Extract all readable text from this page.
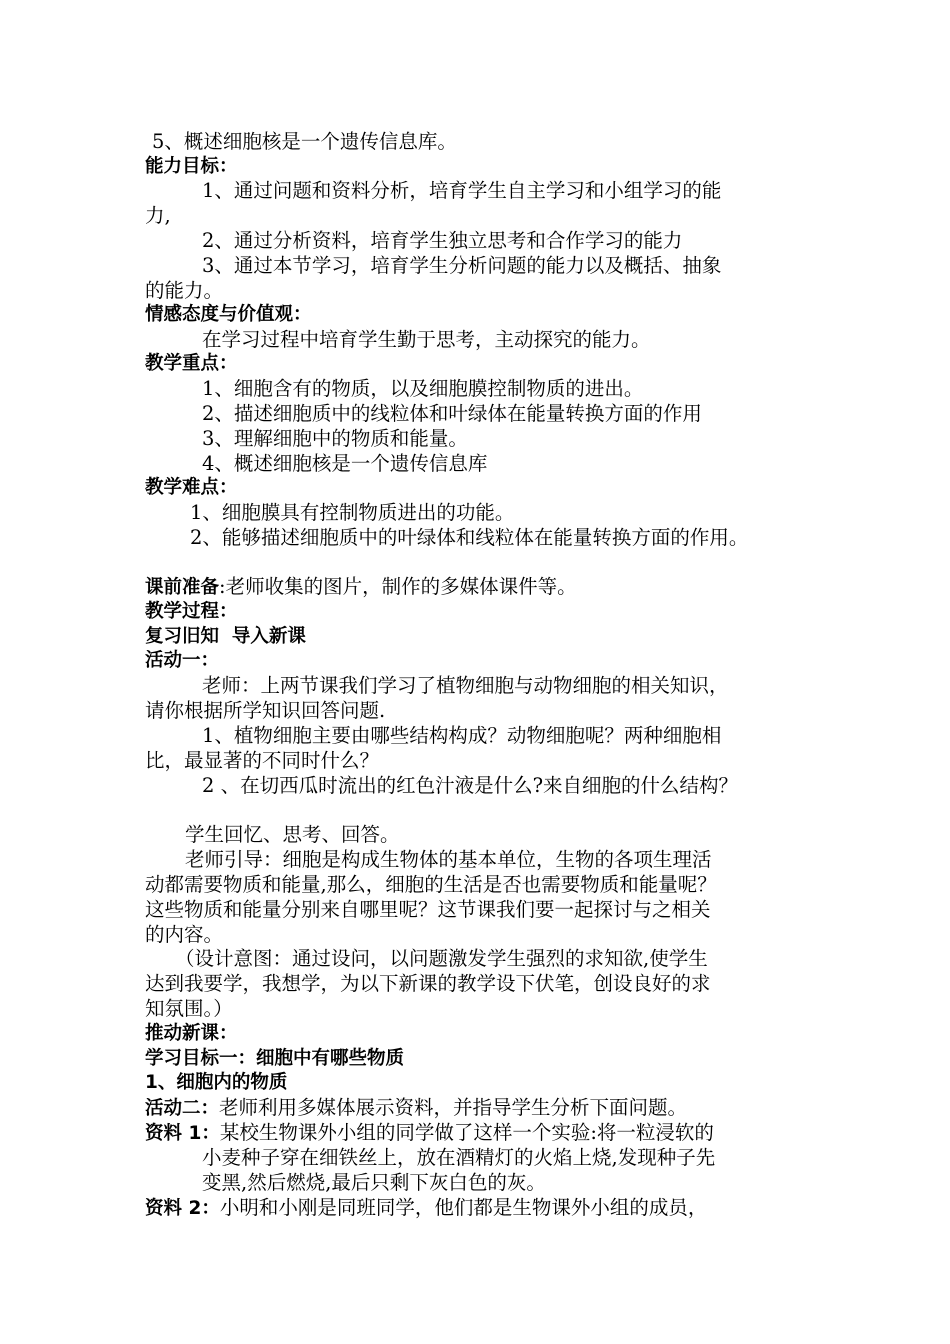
5、概述细胞核是一个遗传信息库。
能力目标：
1、通过问题和资料分析，培育学生自主学习和小组学习的能
力,
2、通过分析资料，培育学生独立思考和合作学习的能力
3、通过本节学习，培育学生分析问题的能力以及概括、抽象
的能力。
情感态度与价值观：
在学习过程中培育学生勤于思考，主动探究的能力。
教学重点：
1、细胞含有的物质，以及细胞膜控制物质的进出。
2、描述细胞质中的线粒体和叶绿体在能量转换方面的作用
3、理解细胞中的物质和能量。
4、概述细胞核是一个遗传信息库
教学难点：
1、细胞膜具有控制物质进出的功能。
2、能够描述细胞质中的叶绿体和线粒体在能量转换方面的作用。
课前准备:老师收集的图片，制作的多媒体课件等。
教学过程：
复习旧知  导入新课
活动一：
老师：上两节课我们学习了植物细胞与动物细胞的相关知识，
请你根据所学知识回答问题.
1、植物细胞主要由哪些结构构成？动物细胞呢？两种细胞相
比，最显著的不同时什么？
2 、在切西瓜时流出的红色汁液是什么?来自细胞的什么结构？
学生回忆、思考、回答。
老师引导：细胞是构成生物体的基本单位，生物的各项生理活
动都需要物质和能量,那么，细胞的生活是否也需要物质和能量呢？
这些物质和能量分别来自哪里呢？这节课我们要一起探讨与之相关
的内容。
（设计意图：通过设问，以问题激发学生强烈的求知欲,使学生
达到我要学，我想学，为以下新课的教学设下伏笔，创设良好的求
知氛围。）
推动新课：
学习目标一：细胞中有哪些物质
1、细胞内的物质
活动二：老师利用多媒体展示资料，并指导学生分析下面问题。
资料 1：某校生物课外小组的同学做了这样一个实验:将一粒浸软的
小麦种子穿在细铁丝上，放在酒精灯的火焰上烧,发现种子先
变黑,然后燃烧,最后只剩下灰白色的灰。
资料 2：小明和小刚是同班同学，他们都是生物课外小组的成员，
